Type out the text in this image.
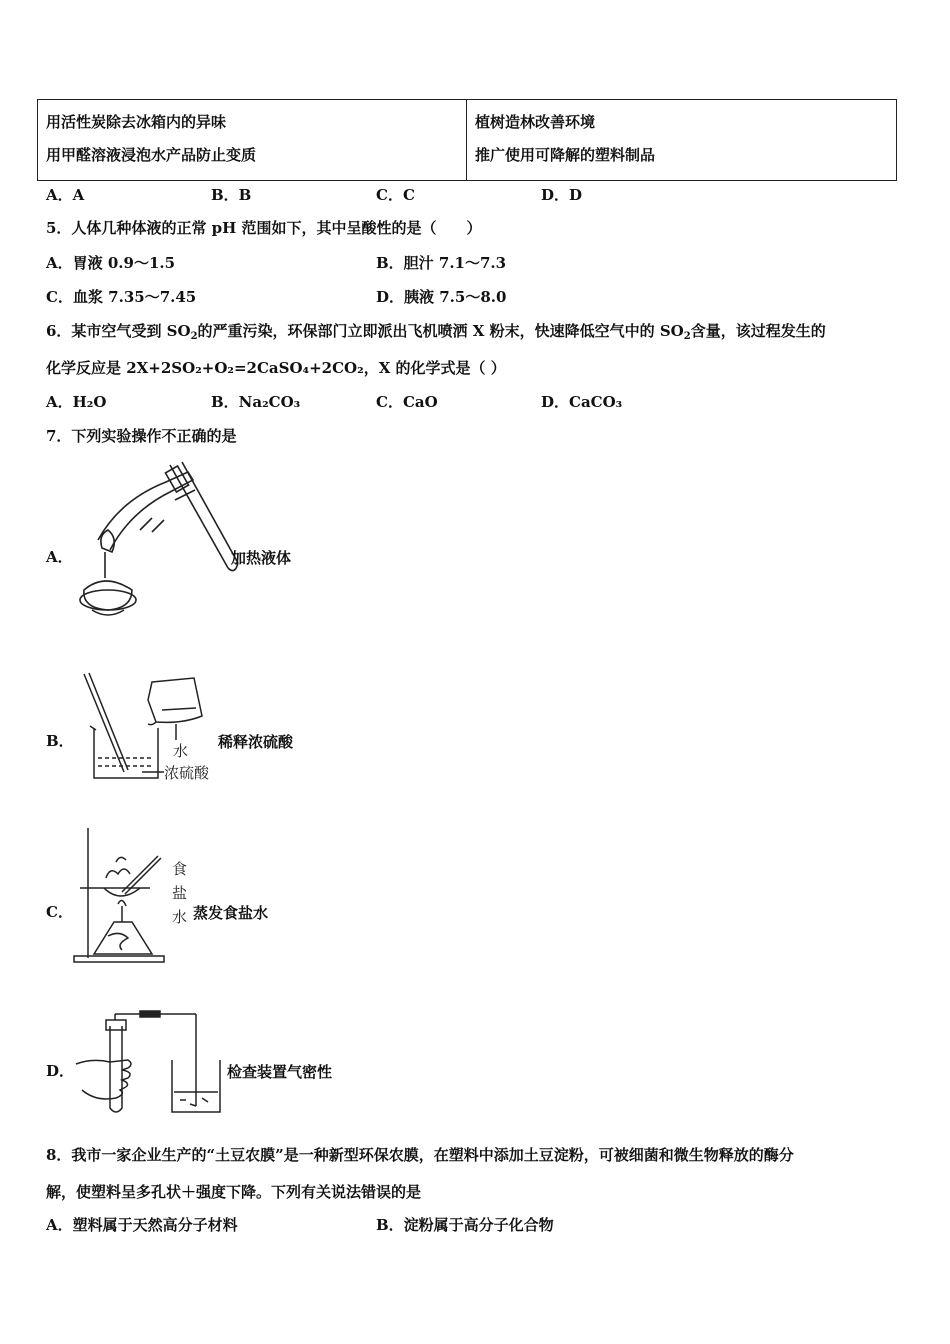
用活性炭除去冰箱内的异味
用甲醛溶液浸泡水产品防止变质

植树造林改善环境
推广使用可降解的塑料制品
A．A	B．B	C．C	D．D
5．人体几种体液的正常 pH 范围如下，其中呈酸性的是（　　）
A．胃液 0.9～1.5	B．胆汁 7.1～7.3
C．血浆 7.35～7.45	D．胰液 7.5～8.0
6．某市空气受到 $SO_2$的严重污染，环保部门立即派出飞机喷洒 X 粉末，快速降低空气中的 $SO_2$含量，该过程发生的
化学反应是 2X+2SO₂+O₂=2CaSO₄+2CO₂，X 的化学式是（ ）
A．H₂O	B．Na₂CO₃	C．CaO	D．CaCO₃
7．下列实验操作不正确的是
A．	加热液体
B．
水
浓硫酸
稀释浓硫酸
C．
食
盐
水 蒸发食盐水
D．	检查装置气密性
8．我市一家企业生产的“土豆农膜”是一种新型环保农膜，在塑料中添加土豆淀粉，可被细菌和微生物释放的酶分
解，使塑料呈多孔状＋强度下降。下列有关说法错误的是
A．塑料属于天然高分子材料	B．淀粉属于高分子化合物
